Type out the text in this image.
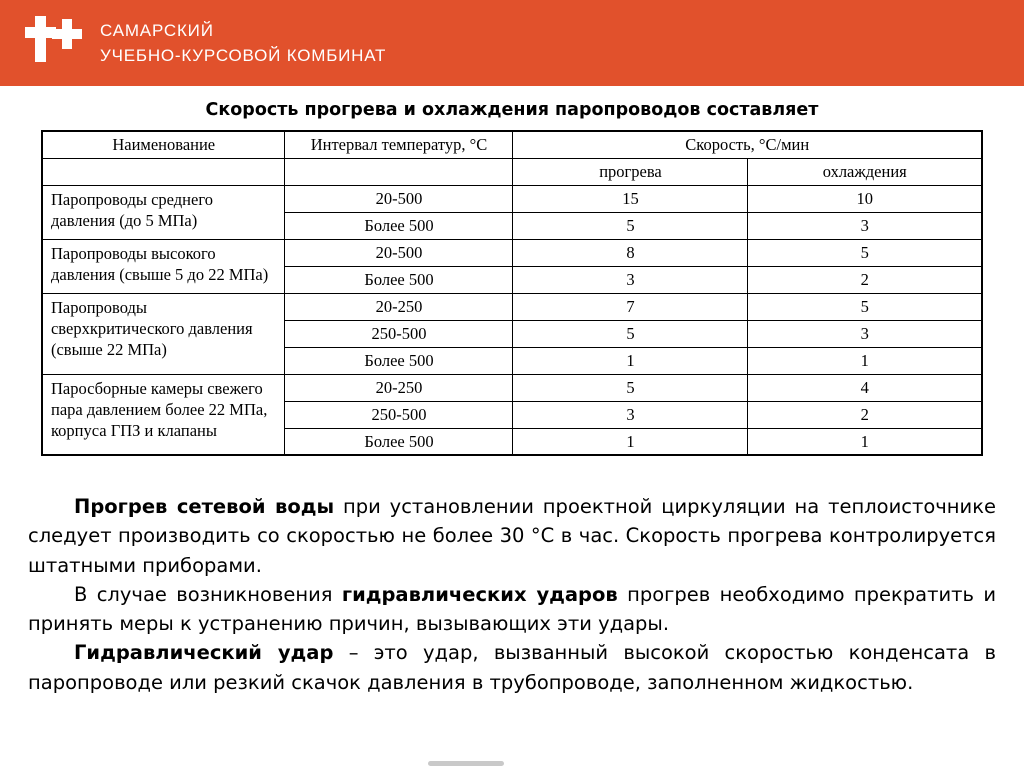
САМАРСКИЙ
УЧЕБНО-КУРСОВОЙ КОМБИНАТ
Скорость прогрева и охлаждения паропроводов составляет
Наименование	Интервал температур, °С	Скорость, °С/мин	
		прогрева	охлаждения
Паропроводы среднего давления (до 5 МПа)	20-500	15	10
	Более 500	5	3
Паропроводы высокого давления (свыше 5 до 22 МПа)	20-500	8	5
	Более 500	3	2
Паропроводы сверхкритического давления (свыше 22 МПа)	20-250	7	5
	250-500	5	3
	Более 500	1	1
Паросборные камеры свежего пара давлением более 22 МПа, корпуса ГПЗ и клапаны	20-250	5	4
	250-500	3	2
	Более 500	1	1

Прогрев сетевой воды при установлении проектной циркуляции на теплоисточнике следует производить со скоростью не более 30 °С в час. Скорость прогрева контролируется штатными приборами.

В случае возникновения гидравлических ударов прогрев необходимо прекратить и принять меры к устранению причин, вызывающих эти удары.

Гидравлический удар – это удар, вызванный высокой скоростью конденсата в паропроводе или резкий скачок давления в трубопроводе, заполненном жидкостью.
